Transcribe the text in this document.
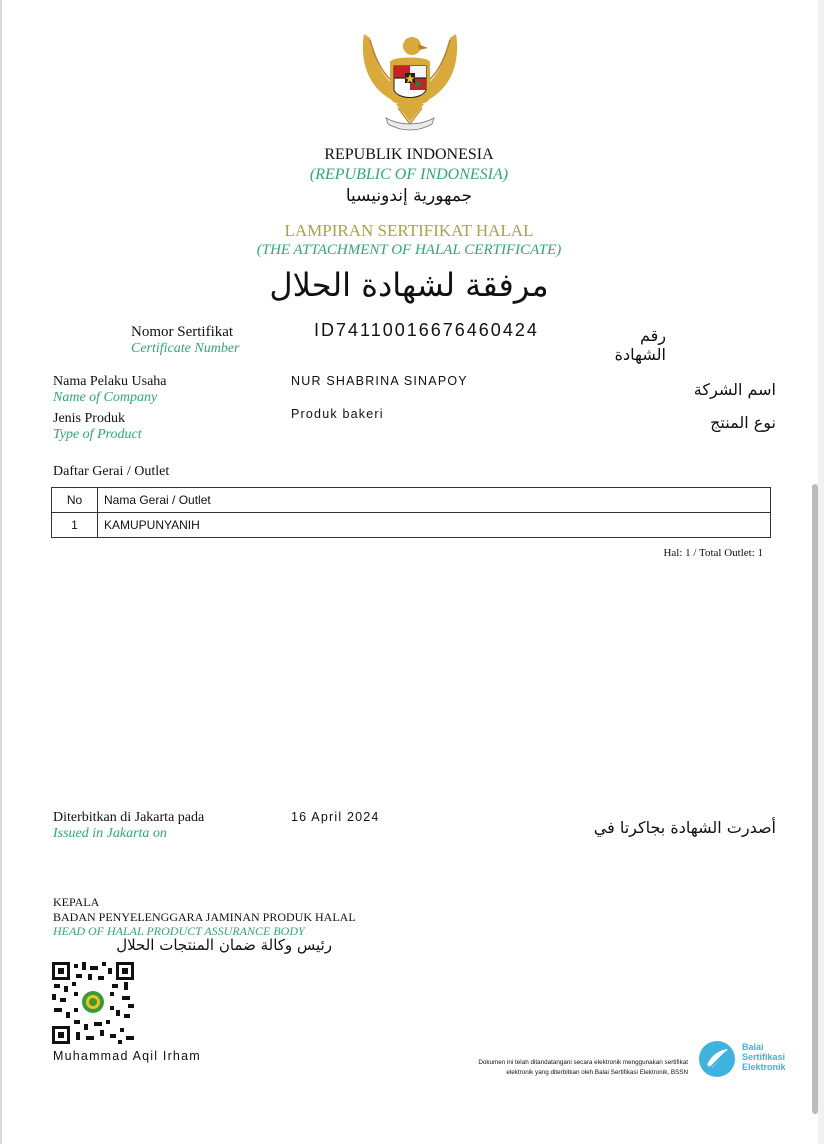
REPUBLIK INDONESIA
(REPUBLIC OF INDONESIA)
جمهورية إندونيسيا
LAMPIRAN SERTIFIKAT HALAL
(THE ATTACHMENT OF HALAL CERTIFICATE)
مرفقة لشهادة الحلال
Nomor Sertifikat
Certificate Number
ID74110016676460424	رقم الشهادة
Nama Pelaku Usaha
Name of Company
NUR SHABRINA SINAPOY	اسم الشركة
Jenis Produk
Type of Product
Produk bakeri	نوع المنتج
Daftar Gerai / Outlet
No	Nama Gerai / Outlet
1	KAMUPUNYANIH
Hal: 1 / Total Outlet: 1
Diterbitkan di Jakarta pada
Issued in Jakarta on
16 April 2024
أصدرت الشهادة بجاكرتا في
KEPALA
BADAN PENYELENGGARA JAMINAN PRODUK HALAL
HEAD OF HALAL PRODUCT ASSURANCE BODY
رئيس وكالة ضمان المنتجات الحلال
Muhammad Aqil Irham	Dokumen ini telah ditandatangani secara elektronik menggunakan sertifikat
elektronik yang diterbitkan oleh Balai Sertifikasi Elektronik, BSSN
Balai Sertifikasi Elektronik
